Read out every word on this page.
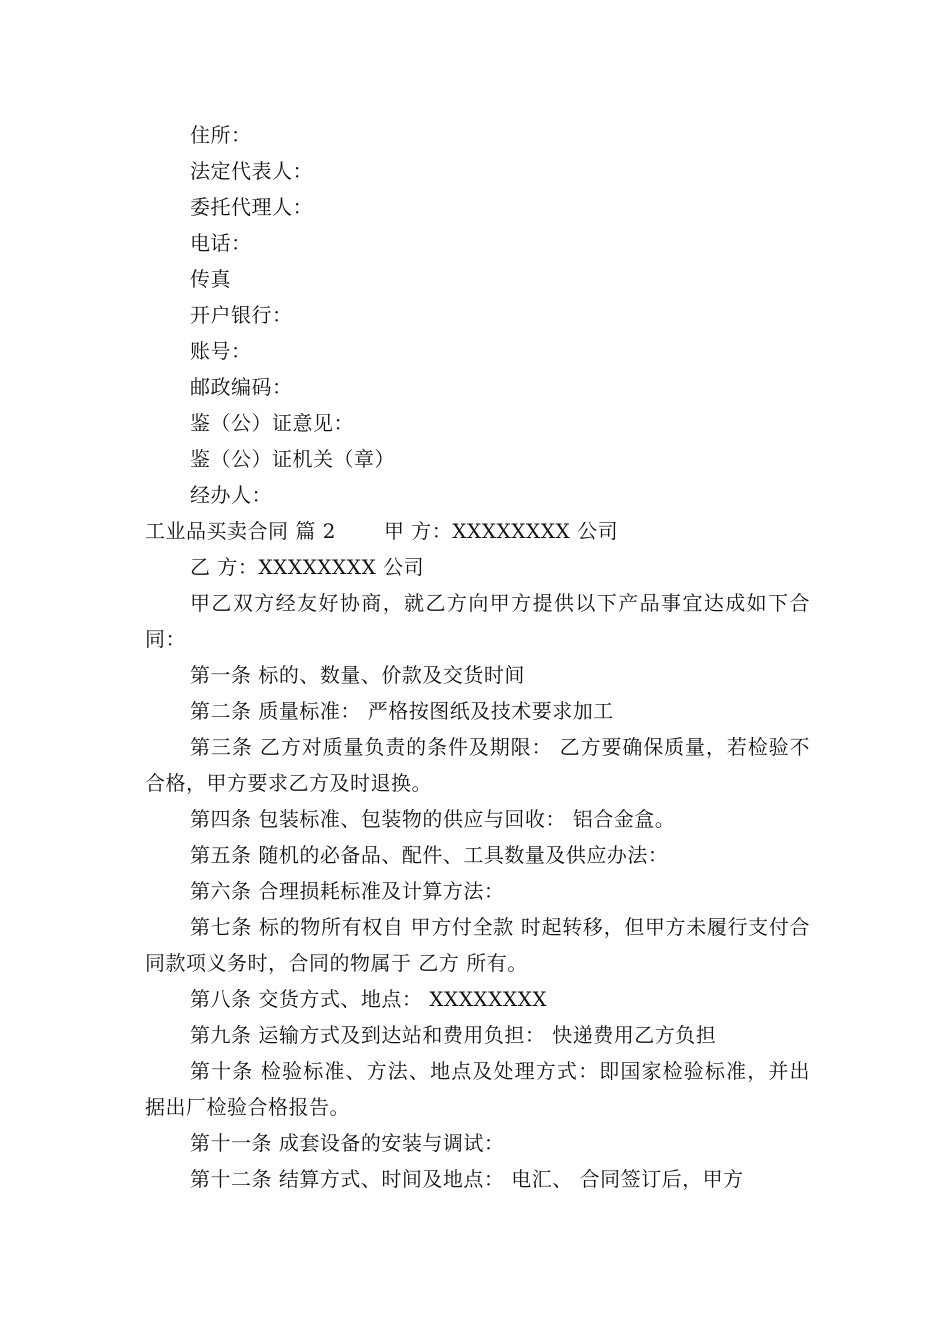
住所：

法定代表人：

委托代理人：

电话：

传真

开户银行：

账号：

邮政编码：

鉴（公）证意见：

鉴（公）证机关（章）

经办人：

工业品买卖合同 篇 2 甲 方：XXXXXXXX 公司

乙 方：XXXXXXXX 公司

甲乙双方经友好协商，就乙方向甲方提供以下产品事宜达成如下合同：

第一条 标的、数量、价款及交货时间

第二条 质量标准： 严格按图纸及技术要求加工

第三条 乙方对质量负责的条件及期限： 乙方要确保质量，若检验不合格，甲方要求乙方及时退换。

第四条 包装标准、包装物的供应与回收： 铝合金盒。

第五条 随机的必备品、配件、工具数量及供应办法：

第六条 合理损耗标准及计算方法：

第七条 标的物所有权自 甲方付全款 时起转移，但甲方未履行支付合同款项义务时，合同的物属于 乙方 所有。

第八条 交货方式、地点： XXXXXXXX

第九条 运输方式及到达站和费用负担： 快递费用乙方负担

第十条 检验标准、方法、地点及处理方式：即国家检验标准，并出据出厂检验合格报告。

第十一条 成套设备的安装与调试：

第十二条 结算方式、时间及地点： 电汇、 合同签订后，甲方
